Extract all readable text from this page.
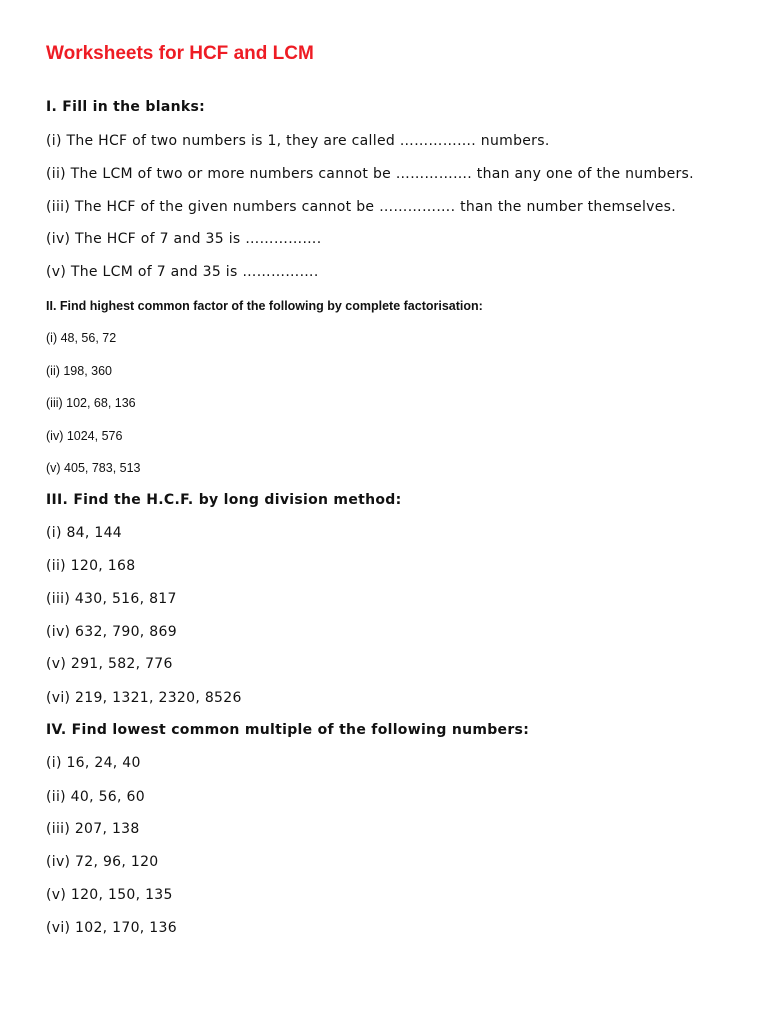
Worksheets for HCF and LCM

I. Fill in the blanks:

(i) The HCF of two numbers is 1, they are called ……………. numbers.

(ii) The LCM of two or more numbers cannot be ……………. than any one of the numbers.

(iii) The HCF of the given numbers cannot be ……………. than the number themselves.

(iv) The HCF of 7 and 35 is …………….

(v) The LCM of 7 and 35 is …………….

II. Find highest common factor of the following by complete factorisation:

(i) 48, 56, 72

(ii) 198, 360

(iii) 102, 68, 136

(iv) 1024, 576

(v) 405, 783, 513

III. Find the H.C.F. by long division method:

(i) 84, 144

(ii) 120, 168

(iii) 430, 516, 817

(iv) 632, 790, 869

(v) 291, 582, 776

(vi) 219, 1321, 2320, 8526

IV. Find lowest common multiple of the following numbers:

(i) 16, 24, 40

(ii) 40, 56, 60

(iii) 207, 138

(iv) 72, 96, 120

(v) 120, 150, 135

(vi) 102, 170, 136
